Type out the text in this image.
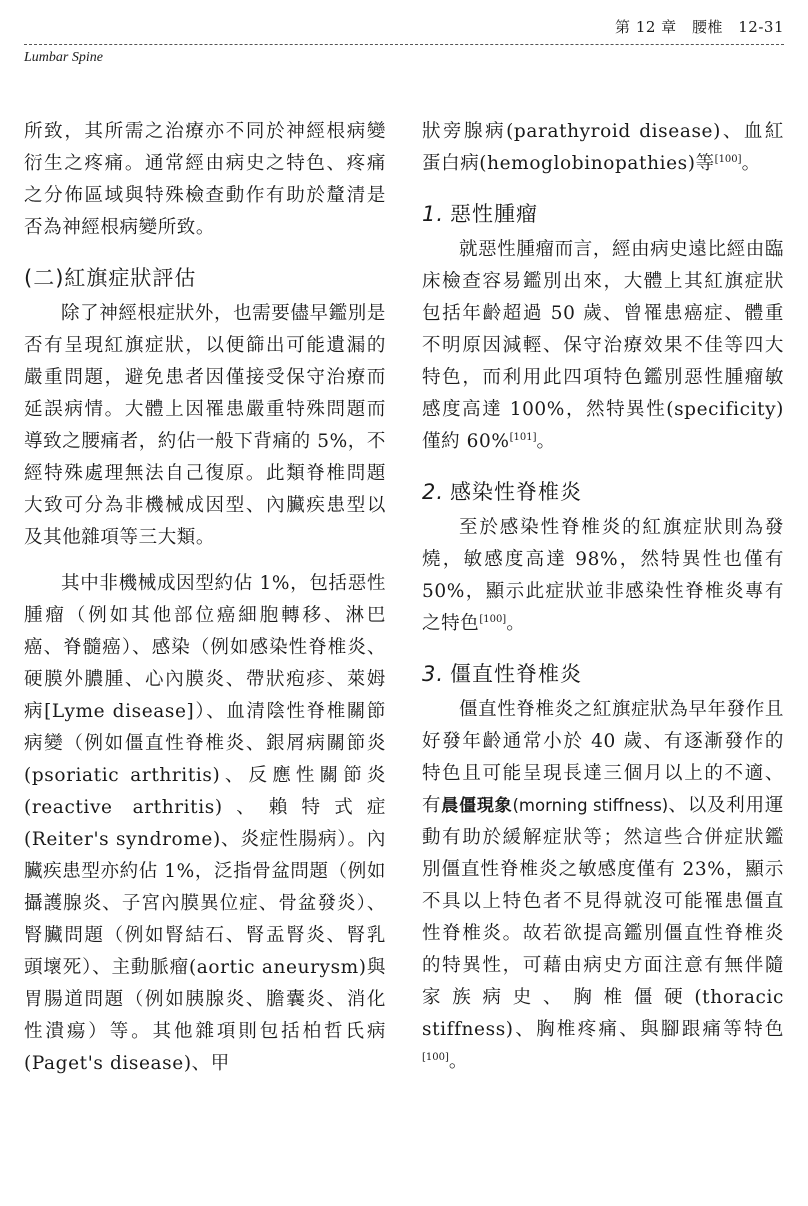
第 12 章 腰椎 12-31
Lumbar Spine

所致，其所需之治療亦不同於神經根病變衍生之疼痛。通常經由病史之特色、疼痛之分佈區域與特殊檢查動作有助於釐清是否為神經根病變所致。

(二)紅旗症狀評估

除了神經根症狀外，也需要儘早鑑別是否有呈現紅旗症狀，以便篩出可能遺漏的嚴重問題，避免患者因僅接受保守治療而延誤病情。大體上因罹患嚴重特殊問題而導致之腰痛者，約佔一般下背痛的 5%，不經特殊處理無法自己復原。此類脊椎問題大致可分為非機械成因型、內臟疾患型以及其他雜項等三大類。

其中非機械成因型約佔 1%，包括惡性腫瘤（例如其他部位癌細胞轉移、淋巴癌、脊髓癌）、感染（例如感染性脊椎炎、硬膜外膿腫、心內膜炎、帶狀疱疹、萊姆病[Lyme disease]）、血清陰性脊椎關節病變（例如僵直性脊椎炎、銀屑病關節炎(psoriatic arthritis)、反應性關節炎(reactive arthritis)、賴特式症(Reiter's syndrome)、炎症性腸病）。內臟疾患型亦約佔 1%，泛指骨盆問題（例如攝護腺炎、子宮內膜異位症、骨盆發炎）、腎臟問題（例如腎結石、腎盂腎炎、腎乳頭壞死）、主動脈瘤(aortic aneurysm)與胃腸道問題（例如胰腺炎、膽囊炎、消化性潰瘍）等。其他雜項則包括柏哲氏病(Paget's disease)、甲

狀旁腺病(parathyroid disease)、血紅蛋白病(hemoglobinopathies)等[100]。

1. 惡性腫瘤

就惡性腫瘤而言，經由病史遠比經由臨床檢查容易鑑別出來，大體上其紅旗症狀包括年齡超過 50 歲、曾罹患癌症、體重不明原因減輕、保守治療效果不佳等四大特色，而利用此四項特色鑑別惡性腫瘤敏感度高達 100%，然特異性(specificity)僅約 60%[101]。

2. 感染性脊椎炎

至於感染性脊椎炎的紅旗症狀則為發燒，敏感度高達 98%，然特異性也僅有 50%，顯示此症狀並非感染性脊椎炎專有之特色[100]。

3. 僵直性脊椎炎

僵直性脊椎炎之紅旗症狀為早年發作且好發年齡通常小於 40 歲、有逐漸發作的特色且可能呈現長達三個月以上的不適、有晨僵現象(morning stiffness)、以及利用運動有助於緩解症狀等；然這些合併症狀鑑別僵直性脊椎炎之敏感度僅有 23%，顯示不具以上特色者不見得就沒可能罹患僵直性脊椎炎。故若欲提高鑑別僵直性脊椎炎的特異性，可藉由病史方面注意有無伴隨家族病史、胸椎僵硬(thoracic stiffness)、胸椎疼痛、與腳跟痛等特色[100]。
